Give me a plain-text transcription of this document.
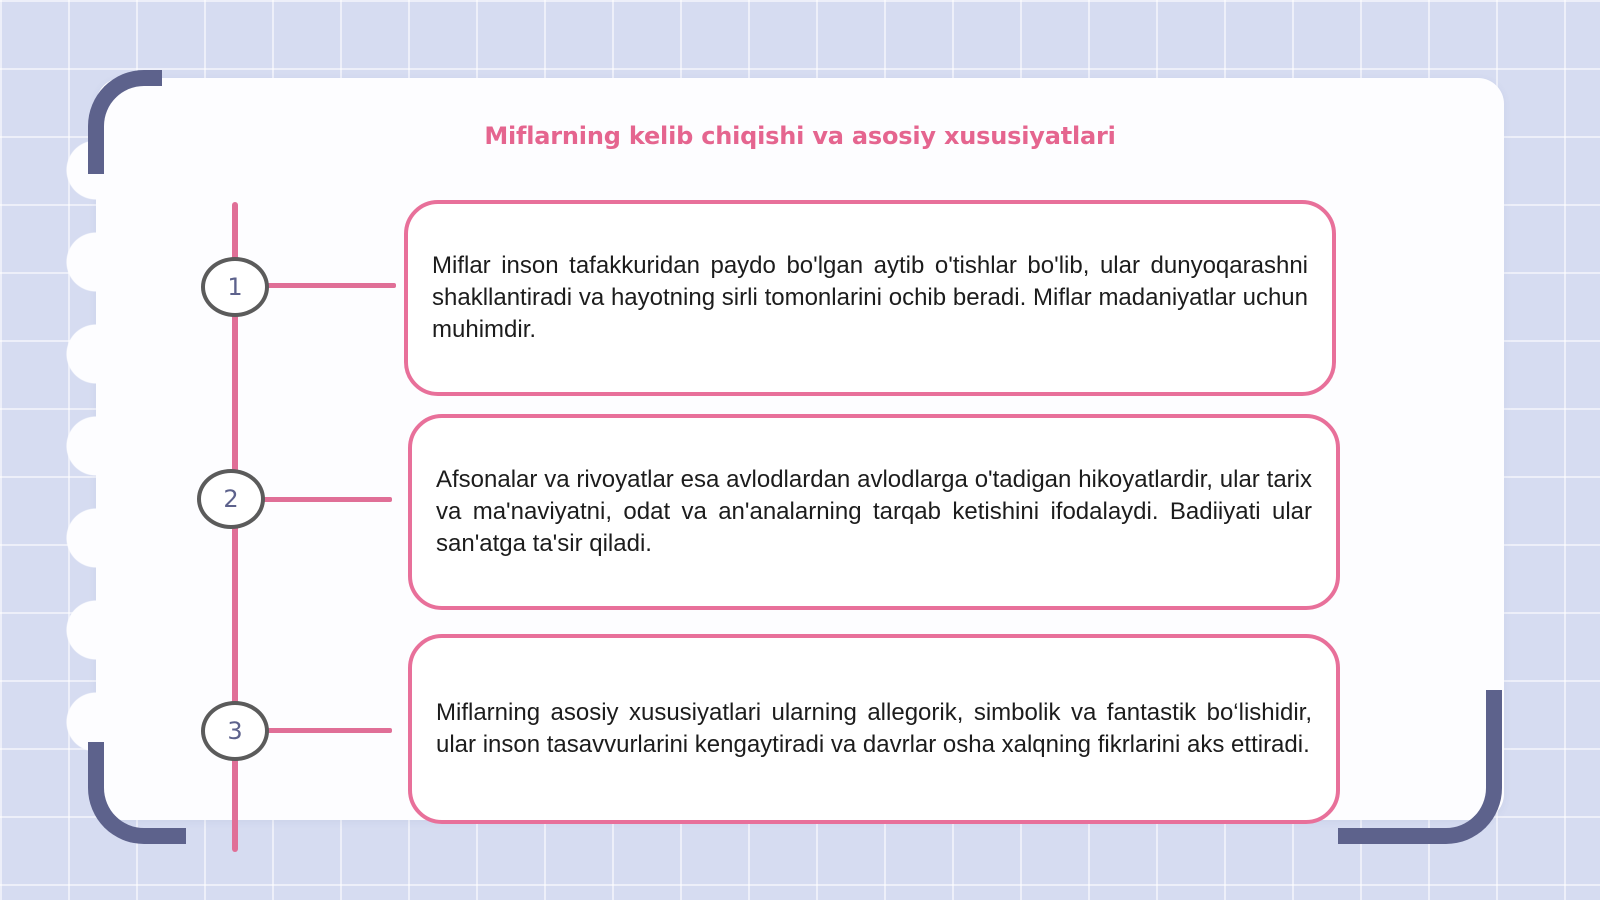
Miflarning kelib chiqishi va asosiy xususiyatlari
1

Miflar inson tafakkuridan paydo bo'lgan aytib o'tishlar bo'lib, ular dunyoqarashni shakllantiradi va hayotning sirli tomonlarini ochib beradi. Miflar madaniyatlar uchun muhimdir.

2

Afsonalar va rivoyatlar esa avlodlardan avlodlarga o'tadigan hikoyatlardir, ular tarix va ma'naviyatni, odat va an'analarning tarqab ketishini ifodalaydi. Badiiyati ular san'atga ta'sir qiladi.

3

Miflarning asosiy xususiyatlari ularning allegorik, simbolik va fantastik bo‘lishidir, ular inson tasavvurlarini kengaytiradi va davrlar osha xalqning fikrlarini aks ettiradi.
